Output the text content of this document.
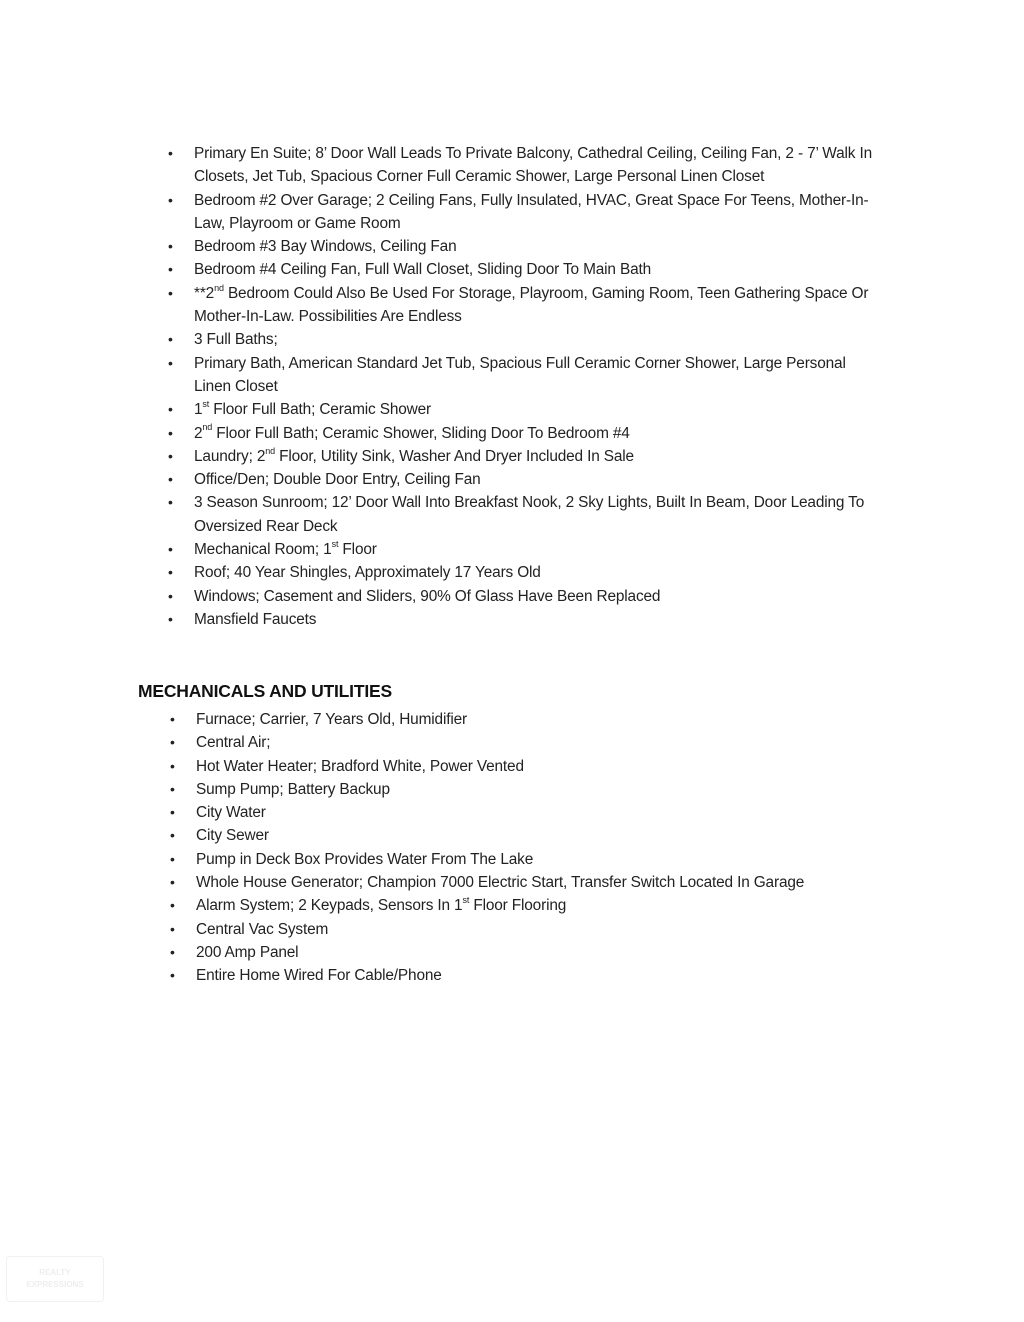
• Primary En Suite; 8’ Door Wall Leads To Private Balcony, Cathedral Ceiling, Ceiling Fan, 2 - 7’ Walk In Closets, Jet Tub, Spacious Corner Full Ceramic Shower, Large Personal Linen Closet
• Bedroom #2 Over Garage; 2 Ceiling Fans, Fully Insulated, HVAC, Great Space For Teens, Mother-In-Law, Playroom or Game Room
• Bedroom #3 Bay Windows, Ceiling Fan
• Bedroom #4 Ceiling Fan, Full Wall Closet, Sliding Door To Main Bath
• **2nd Bedroom Could Also Be Used For Storage, Playroom, Gaming Room, Teen Gathering Space Or Mother-In-Law. Possibilities Are Endless
• 3 Full Baths;
• Primary Bath, American Standard Jet Tub, Spacious Full Ceramic Corner Shower, Large Personal Linen Closet
• 1st Floor Full Bath; Ceramic Shower
• 2nd Floor Full Bath; Ceramic Shower, Sliding Door To Bedroom #4
• Laundry; 2nd Floor, Utility Sink, Washer And Dryer Included In Sale
• Office/Den; Double Door Entry, Ceiling Fan
• 3 Season Sunroom; 12’ Door Wall Into Breakfast Nook, 2 Sky Lights, Built In Beam, Door Leading To Oversized Rear Deck
• Mechanical Room; 1st Floor
• Roof; 40 Year Shingles, Approximately 17 Years Old
• Windows; Casement and Sliders, 90% Of Glass Have Been Replaced
• Mansfield Faucets
MECHANICALS AND UTILITIES
• Furnace; Carrier, 7 Years Old, Humidifier
• Central Air;
• Hot Water Heater; Bradford White, Power Vented
• Sump Pump; Battery Backup
• City Water
• City Sewer
• Pump in Deck Box Provides Water From The Lake
• Whole House Generator; Champion 7000 Electric Start, Transfer Switch Located In Garage
• Alarm System; 2 Keypads, Sensors In 1st Floor Flooring
• Central Vac System
• 200 Amp Panel
• Entire Home Wired For Cable/Phone
REALTY
EXPRESSIONS
